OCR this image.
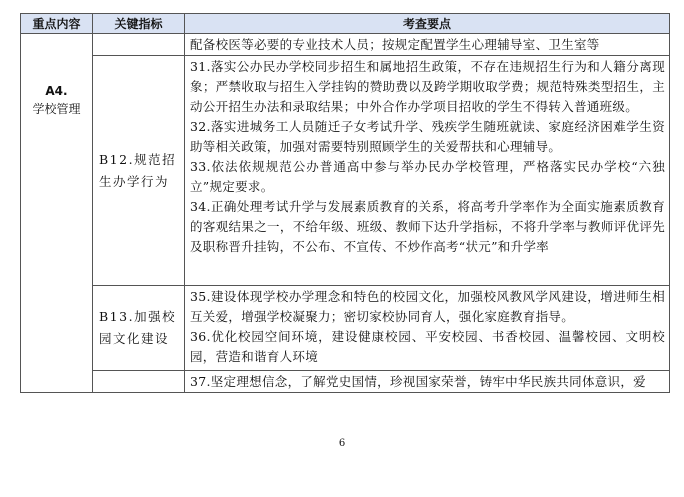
重点内容	关键指标	考查要点

A4.
学校管理		配备校医等必要的专业技术人员；按规定配置学生心理辅导室、卫生室等

	B12.规范招生办学行为	31.落实公办民办学校同步招生和属地招生政策，不存在违规招生行为和人籍分离现象；严禁收取与招生入学挂钩的赞助费以及跨学期收取学费；规范特殊类型招生，主动公开招生办法和录取结果；中外合作办学项目招收的学生不得转入普通班级。

32.落实进城务工人员随迁子女考试升学、残疾学生随班就读、家庭经济困难学生资助等相关政策，加强对需要特别照顾学生的关爱帮扶和心理辅导。

33.依法依规规范公办普通高中参与举办民办学校管理，严格落实民办学校“六独立”规定要求。

34.正确处理考试升学与发展素质教育的关系，将高考升学率作为全面实施素质教育的客观结果之一，不给年级、班级、教师下达升学指标，不将升学率与教师评优评先及职称晋升挂钩，不公布、不宣传、不炒作高考“状元”和升学率

	B13.加强校园文化建设	35.建设体现学校办学理念和特色的校园文化，加强校风教风学风建设，增进师生相互关爱，增强学校凝聚力；密切家校协同育人，强化家庭教育指导。

36.优化校园空间环境，建设健康校园、平安校园、书香校园、温馨校园、文明校园，营造和谐育人环境

		37.坚定理想信念，了解党史国情，珍视国家荣誉，铸牢中华民族共同体意识，爱

6
